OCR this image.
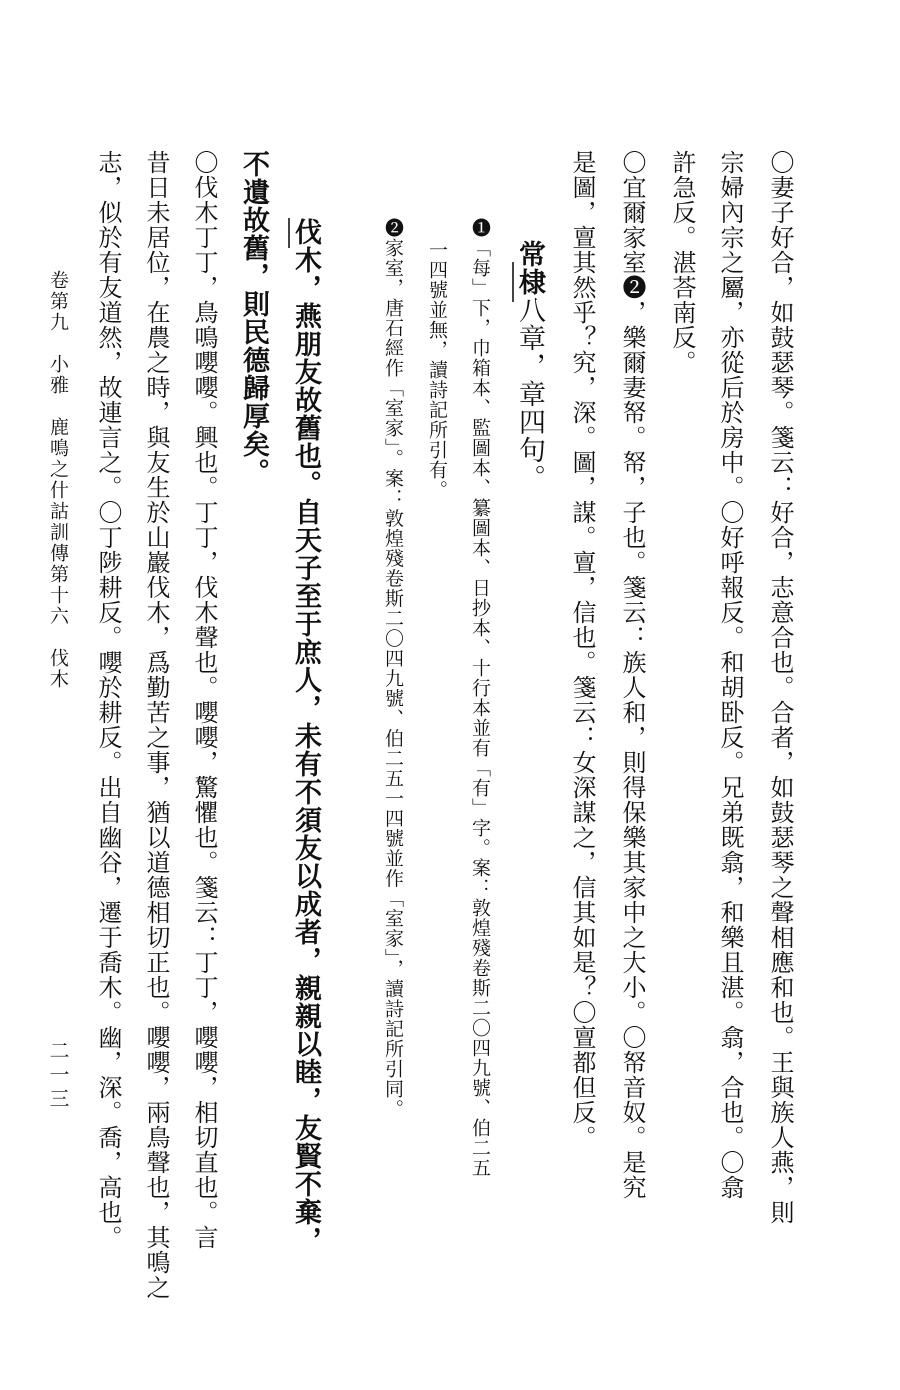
〇妻子好合，如鼓瑟琴。箋云：好合，志意合也。合者，如鼓瑟琴之聲相應和也。王與族人燕，則
宗婦內宗之屬，亦從后於房中。〇好呼報反。和胡卧反。兄弟既翕，和樂且湛。翕，合也。〇翕
許急反。湛荅南反。
〇宜爾家室❷，樂爾妻帑。帑，子也。箋云：族人和，則得保樂其家中之大小。〇帑音奴。是究
是圖，亶其然乎？究，深。圖，謀。亶，信也。箋云：女深謀之，信其如是？〇亶都但反。
常棣八章，章四句。
❶「每」下，巾箱本、監圖本、纂圖本、日抄本、十行本並有「有」字。案：敦煌殘卷斯二〇四九號、伯二五
一四號並無，讀詩記所引有。
❷家室，唐石經作「室家」。案：敦煌殘卷斯二〇四九號、伯二五一四號並作「室家」，讀詩記所引同。
伐木，燕朋友故舊也。自天子至于庶人，未有不須友以成者，親親以睦，友賢不棄，
不遺故舊，則民德歸厚矣。
〇伐木丁丁，鳥鳴嚶嚶。興也。丁丁，伐木聲也。嚶嚶，驚懼也。箋云：丁丁，嚶嚶，相切直也。言
昔日未居位，在農之時，與友生於山巖伐木，爲勤苦之事，猶以道德相切正也。嚶嚶，兩鳥聲也，其鳴之
志，似於有友道然，故連言之。〇丁陟耕反。嚶於耕反。出自幽谷，遷于喬木。幽，深。喬，高也。
卷第九　小雅　鹿鳴之什詁訓傳第十六　伐木
二一三
